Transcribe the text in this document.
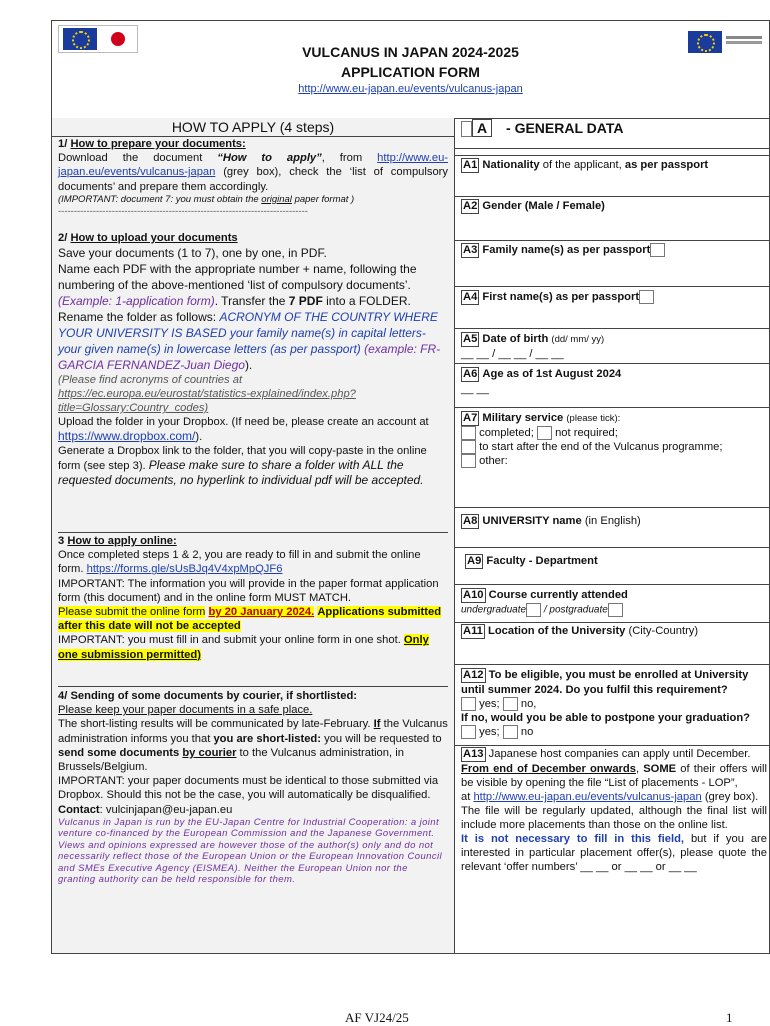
VULCANUS IN JAPAN 2024-2025
APPLICATION FORM
http://www.eu-japan.eu/events/vulcanus-japan
HOW TO APPLY (4 steps)
1/ How to prepare your documents:
Download the document “How to apply”, from http://www.eu-japan.eu/events/vulcanus-japan (grey box), check the ‘list of compulsory documents’ and prepare them accordingly.
(IMPORTANT: document 7: you must obtain the original paper format )
-------------------------------------------------------------------------------
2/ How to upload your documents
Save your documents (1 to 7), one by one, in PDF.
Name each PDF with the appropriate number + name, following the numbering of the above-mentioned ‘list of compulsory documents’.
(Example: 1-application form). Transfer the 7 PDF into a FOLDER.
Rename the folder as follows: ACRONYM OF THE COUNTRY WHERE YOUR UNIVERSITY IS BASED your family name(s) in capital letters- your given name(s) in lowercase letters (as per passport) (example: FR-GARCIA FERNANDEZ-Juan Diego).
(Please find acronyms of countries at
https://ec.europa.eu/eurostat/statistics-explained/index.php?title=Glossary:Country_codes)
Upload the folder in your Dropbox. (If need be, please create an account at https://www.dropbox.com/).
Generate a Dropbox link to the folder, that you will copy-paste in the online form (see step 3). Please make sure to share a folder with ALL the requested documents, no hyperlink to individual pdf will be accepted.
3 How to apply online:
Once completed steps 1 & 2, you are ready to fill in and submit the online form. https://forms.gle/sUsBJq4V4xpMpQJF6
IMPORTANT: The information you will provide in the paper format application form (this document) and in the online form MUST MATCH.
Please submit the online form by 20 January 2024. Applications submitted after this date will not be accepted
IMPORTANT: you must fill in and submit your online form in one shot. Only one submission permitted)
4/ Sending of some documents by courier, if shortlisted:
Please keep your paper documents in a safe place.
The short-listing results will be communicated by late-February. If the Vulcanus administration informs you that you are short-listed: you will be requested to send some documents by courier to the Vulcanus administration, in Brussels/Belgium.
IMPORTANT: your paper documents must be identical to those submitted via Dropbox. Should this not be the case, you will automatically be disqualified.
Contact: vulcinjapan@eu-japan.eu
Vulcanus in Japan is run by the EU-Japan Centre for Industrial Cooperation: a joint venture co-financed by the European Commission and the Japanese Government.
Views and opinions expressed are however those of the author(s) only and do not necessarily reflect those of the European Union or the European Innovation Council and SMEs Executive Agency (EISMEA). Neither the European Union nor the granting authority can be held responsible for them.
A - GENERAL DATA
A1 Nationality of the applicant, as per passport
A2 Gender (Male / Female)
A3 Family name(s) as per passport
A4 First name(s) as per passport
A5 Date of birth (dd/ mm/ yy)
__ __ / __ __ / __ __
A6 Age as of 1st August 2024
__ __
A7 Military service (please tick):
completed; not required;
to start after the end of the Vulcanus programme;
other:
A8 UNIVERSITY name (in English)
A9 Faculty - Department
A10 Course currently attended
undergraduate / postgraduate
A11 Location of the University (City-Country)
A12 To be eligible, you must be enrolled at University until summer 2024. Do you fulfil this requirement?
yes; no,
If no, would you be able to postpone your graduation?
yes; no
A13 Japanese host companies can apply until December.
From end of December onwards, SOME of their offers will be visible by opening the file “List of placements - LOP”,
at http://www.eu-japan.eu/events/vulcanus-japan (grey box).
The file will be regularly updated, although the final list will include more placements than those on the online list.
It is not necessary to fill in this field, but if you are interested in particular placement offer(s), please quote the relevant ‘offer numbers’ __ __ or __ __ or __ __
AF VJ24/25	1
